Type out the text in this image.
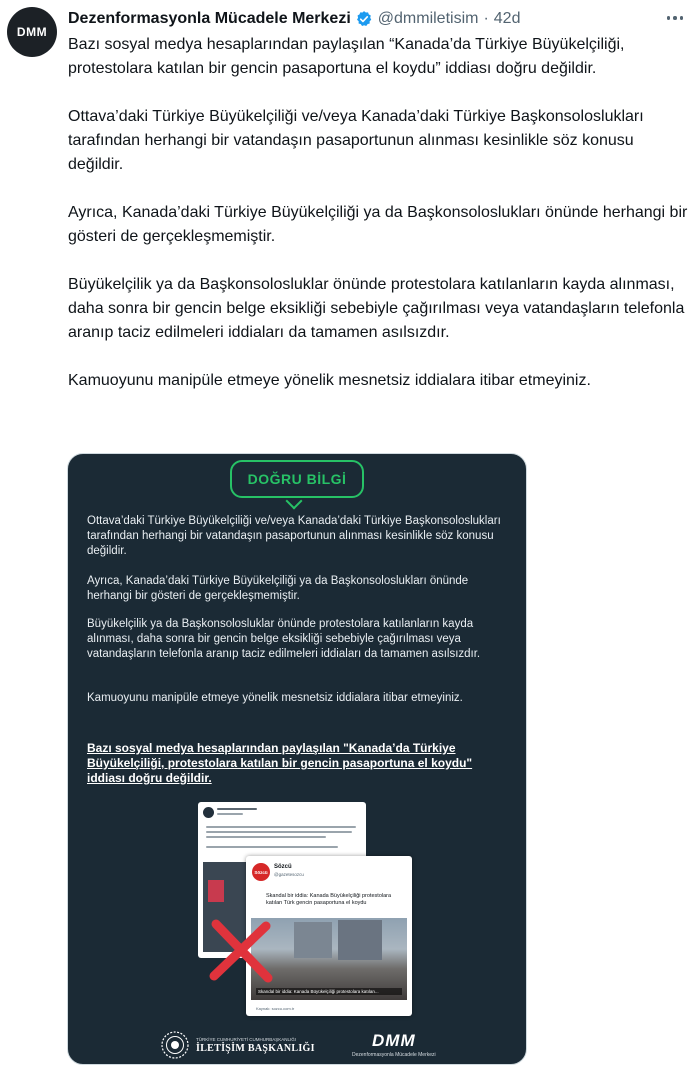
DMM
Dezenformasyonla Mücadele Merkezi @dmmiletisim · 42d

Bazı sosyal medya hesaplarından paylaşılan “Kanada’da Türkiye Büyükelçiliği, protestolara katılan bir gencin pasaportuna el koydu” iddiası doğru değildir.

Ottava’daki Türkiye Büyükelçiliği ve/veya Kanada’daki Türkiye Başkonsoloslukları tarafından herhangi bir vatandaşın pasaportunun alınması kesinlikle söz konusu değildir.

Ayrıca, Kanada’daki Türkiye Büyükelçiliği ya da Başkonsoloslukları önünde herhangi bir gösteri de gerçekleşmemiştir.

Büyükelçilik ya da Başkonsolosluklar önünde protestolara katılanların kayda alınması, daha sonra bir gencin belge eksikliği sebebiyle çağırılması veya vatandaşların telefonla aranıp taciz edilmeleri iddiaları da tamamen asılsızdır.

Kamuoyunu manipüle etmeye yönelik mesnetsiz iddialara itibar etmeyiniz.

DOĞRU BİLGİ
Ottava’daki Türkiye Büyükelçiliği ve/veya Kanada’daki Türkiye Başkonsoloslukları tarafından herhangi bir vatandaşın pasaportunun alınması kesinlikle söz konusu değildir.
Ayrıca, Kanada’daki Türkiye Büyükelçiliği ya da Başkonsoloslukları önünde herhangi bir gösteri de gerçekleşmemiştir.
Büyükelçilik ya da Başkonsolosluklar önünde protestolara katılanların kayda alınması, daha sonra bir gencin belge eksikliği sebebiyle çağırılması veya vatandaşların telefonla aranıp taciz edilmeleri iddiaları da tamamen asılsızdır.
Kamuoyunu manipüle etmeye yönelik mesnetsiz iddialara itibar etmeyiniz.
Bazı sosyal medya hesaplarından paylaşılan "Kanada’da Türkiye Büyükelçiliği, protestolara katılan bir gencin pasaportuna el koydu" iddiası doğru değildir.
Sözcü
Sözcü
@gazetesozcu
Skandal bir iddia: Kanada Büyükelçiliği protestolara katılan Türk gencin pasaportuna el koydu
Skandal bir iddia: Kanada Büyükelçiliği protestolara katılan...
Kaynak: sozcu.com.tr
TÜRKİYE CUMHURİYETİ CUMHURBAŞKANLIĞI
İLETİŞİM BAŞKANLIĞI	DMM
Dezenformasyonla Mücadele Merkezi
